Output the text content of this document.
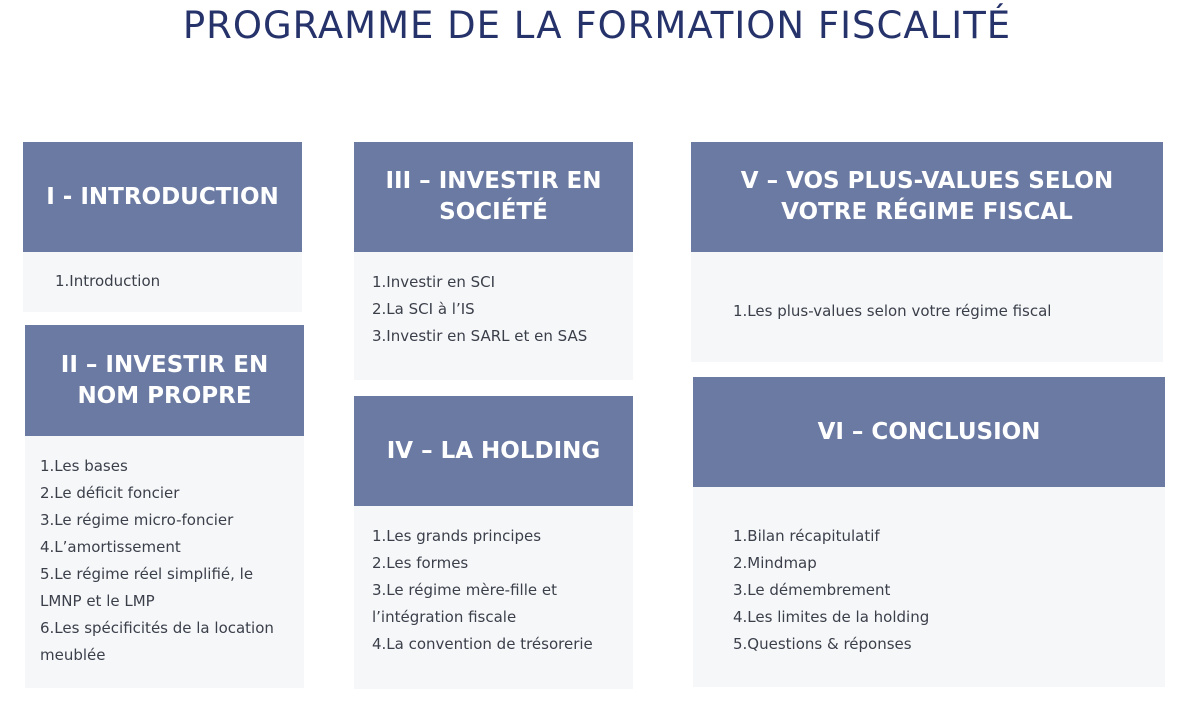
PROGRAMME DE LA FORMATION FISCALITÉ
I - INTRODUCTION
1.Introduction
II – INVESTIR EN
NOM PROPRE
1.Les bases
2.Le déficit foncier
3.Le régime micro-foncier
4.L’amortissement
5.Le régime réel simplifié, le
LMNP et le LMP
6.Les spécificités de la location
meublée
III – INVESTIR EN
SOCIÉTÉ
1.Investir en SCI
2.La SCI à l’IS
3.Investir en SARL et en SAS
IV – LA HOLDING
1.Les grands principes
2.Les formes
3.Le régime mère-fille et
l’intégration fiscale
4.La convention de trésorerie
V – VOS PLUS-VALUES SELON
VOTRE RÉGIME FISCAL
1.Les plus-values selon votre régime fiscal
VI – CONCLUSION
1.Bilan récapitulatif
2.Mindmap
3.Le démembrement
4.Les limites de la holding
5.Questions & réponses
